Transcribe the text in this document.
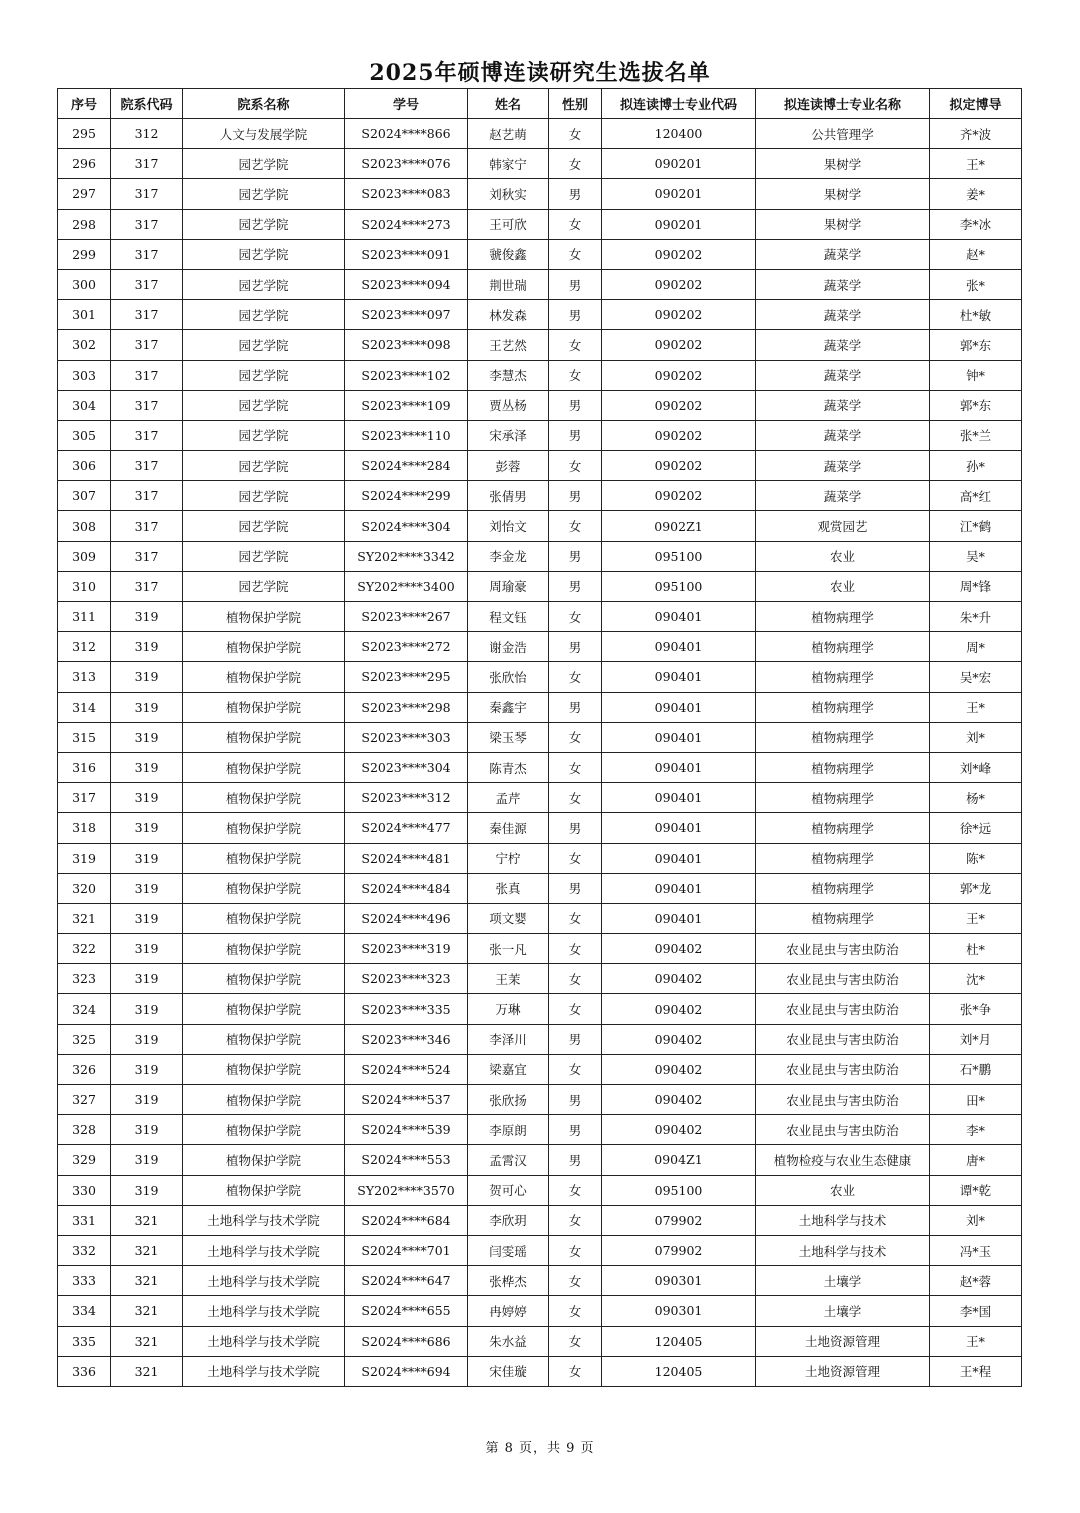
2025年硕博连读研究生选拔名单
序号	院系代码	院系名称	学号	姓名	性别	拟连读博士专业代码	拟连读博士专业名称	拟定博导
295	312	人文与发展学院	S2024****866	赵艺萌	女	120400	公共管理学	齐*波
296	317	园艺学院	S2023****076	韩家宁	女	090201	果树学	王*
297	317	园艺学院	S2023****083	刘秋实	男	090201	果树学	姜*
298	317	园艺学院	S2024****273	王可欣	女	090201	果树学	李*冰
299	317	园艺学院	S2023****091	虢俊鑫	女	090202	蔬菜学	赵*
300	317	园艺学院	S2023****094	荆世瑞	男	090202	蔬菜学	张*
301	317	园艺学院	S2023****097	林发森	男	090202	蔬菜学	杜*敏
302	317	园艺学院	S2023****098	王艺然	女	090202	蔬菜学	郭*东
303	317	园艺学院	S2023****102	李慧杰	女	090202	蔬菜学	钟*
304	317	园艺学院	S2023****109	贾丛杨	男	090202	蔬菜学	郭*东
305	317	园艺学院	S2023****110	宋承泽	男	090202	蔬菜学	张*兰
306	317	园艺学院	S2024****284	彭蓉	女	090202	蔬菜学	孙*
307	317	园艺学院	S2024****299	张倩男	男	090202	蔬菜学	高*红
308	317	园艺学院	S2024****304	刘怡文	女	0902Z1	观赏园艺	江*鹤
309	317	园艺学院	SY202****3342	李金龙	男	095100	农业	吴*
310	317	园艺学院	SY202****3400	周瑜豪	男	095100	农业	周*锋
311	319	植物保护学院	S2023****267	程文钰	女	090401	植物病理学	朱*升
312	319	植物保护学院	S2023****272	谢金浩	男	090401	植物病理学	周*
313	319	植物保护学院	S2023****295	张欣怡	女	090401	植物病理学	吴*宏
314	319	植物保护学院	S2023****298	秦鑫宇	男	090401	植物病理学	王*
315	319	植物保护学院	S2023****303	梁玉琴	女	090401	植物病理学	刘*
316	319	植物保护学院	S2023****304	陈青杰	女	090401	植物病理学	刘*峰
317	319	植物保护学院	S2023****312	孟芹	女	090401	植物病理学	杨*
318	319	植物保护学院	S2024****477	秦佳源	男	090401	植物病理学	徐*远
319	319	植物保护学院	S2024****481	宁柠	女	090401	植物病理学	陈*
320	319	植物保护学院	S2024****484	张真	男	090401	植物病理学	郭*龙
321	319	植物保护学院	S2024****496	项文婴	女	090401	植物病理学	王*
322	319	植物保护学院	S2023****319	张一凡	女	090402	农业昆虫与害虫防治	杜*
323	319	植物保护学院	S2023****323	王茉	女	090402	农业昆虫与害虫防治	沈*
324	319	植物保护学院	S2023****335	万琳	女	090402	农业昆虫与害虫防治	张*争
325	319	植物保护学院	S2023****346	李泽川	男	090402	农业昆虫与害虫防治	刘*月
326	319	植物保护学院	S2024****524	梁嘉宜	女	090402	农业昆虫与害虫防治	石*鹏
327	319	植物保护学院	S2024****537	张欣扬	男	090402	农业昆虫与害虫防治	田*
328	319	植物保护学院	S2024****539	李原朗	男	090402	农业昆虫与害虫防治	李*
329	319	植物保护学院	S2024****553	孟霄汉	男	0904Z1	植物检疫与农业生态健康	唐*
330	319	植物保护学院	SY202****3570	贺可心	女	095100	农业	谭*乾
331	321	土地科学与技术学院	S2024****684	李欣玥	女	079902	土地科学与技术	刘*
332	321	土地科学与技术学院	S2024****701	闫雯瑶	女	079902	土地科学与技术	冯*玉
333	321	土地科学与技术学院	S2024****647	张桦杰	女	090301	土壤学	赵*蓉
334	321	土地科学与技术学院	S2024****655	冉婷婷	女	090301	土壤学	李*国
335	321	土地科学与技术学院	S2024****686	朱水益	女	120405	土地资源管理	王*
336	321	土地科学与技术学院	S2024****694	宋佳璇	女	120405	土地资源管理	王*程
第 8 页，共 9 页
